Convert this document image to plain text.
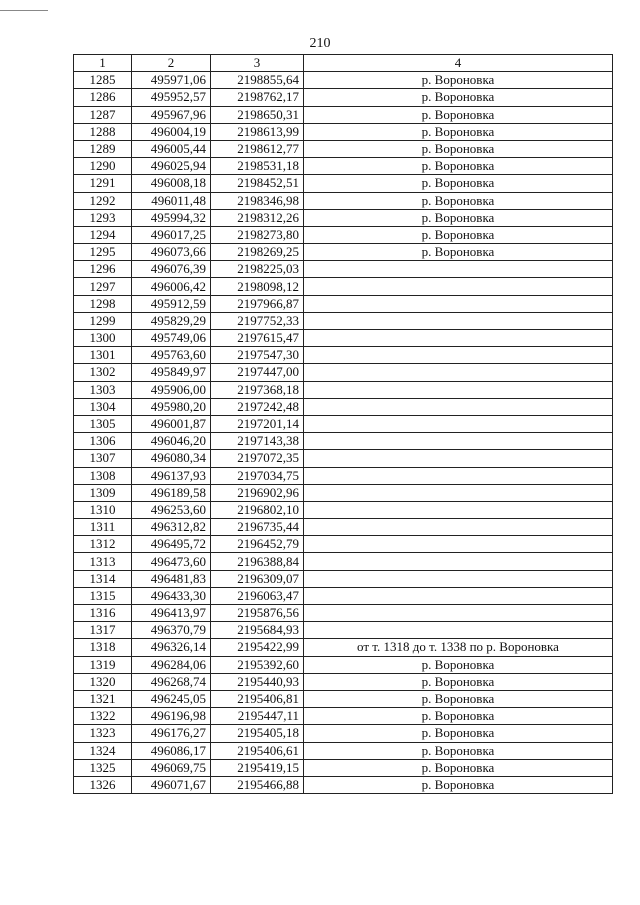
210
1	2	3	4
1285	495971,06	2198855,64	р. Вороновка
1286	495952,57	2198762,17	р. Вороновка
1287	495967,96	2198650,31	р. Вороновка
1288	496004,19	2198613,99	р. Вороновка
1289	496005,44	2198612,77	р. Вороновка
1290	496025,94	2198531,18	р. Вороновка
1291	496008,18	2198452,51	р. Вороновка
1292	496011,48	2198346,98	р. Вороновка
1293	495994,32	2198312,26	р. Вороновка
1294	496017,25	2198273,80	р. Вороновка
1295	496073,66	2198269,25	р. Вороновка
1296	496076,39	2198225,03	
1297	496006,42	2198098,12	
1298	495912,59	2197966,87	
1299	495829,29	2197752,33	
1300	495749,06	2197615,47	
1301	495763,60	2197547,30	
1302	495849,97	2197447,00	
1303	495906,00	2197368,18	
1304	495980,20	2197242,48	
1305	496001,87	2197201,14	
1306	496046,20	2197143,38	
1307	496080,34	2197072,35	
1308	496137,93	2197034,75	
1309	496189,58	2196902,96	
1310	496253,60	2196802,10	
1311	496312,82	2196735,44	
1312	496495,72	2196452,79	
1313	496473,60	2196388,84	
1314	496481,83	2196309,07	
1315	496433,30	2196063,47	
1316	496413,97	2195876,56	
1317	496370,79	2195684,93	
1318	496326,14	2195422,99	от т. 1318 до т. 1338 по р. Вороновка
1319	496284,06	2195392,60	р. Вороновка
1320	496268,74	2195440,93	р. Вороновка
1321	496245,05	2195406,81	р. Вороновка
1322	496196,98	2195447,11	р. Вороновка
1323	496176,27	2195405,18	р. Вороновка
1324	496086,17	2195406,61	р. Вороновка
1325	496069,75	2195419,15	р. Вороновка
1326	496071,67	2195466,88	р. Вороновка
